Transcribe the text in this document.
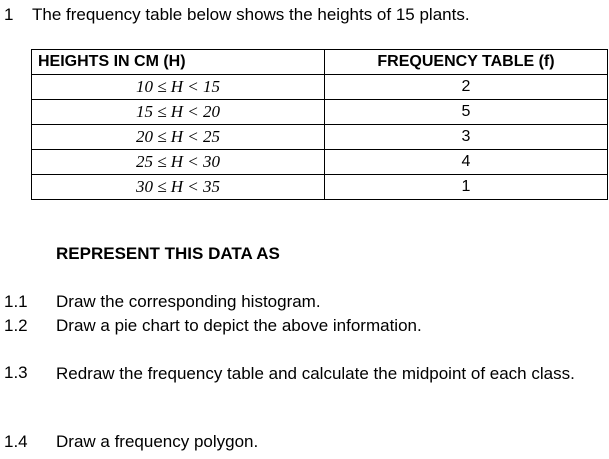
1 The frequency table below shows the heights of 15 plants.
HEIGHTS IN CM (H)	FREQUENCY TABLE (f)
10 ≤ H < 15	2
15 ≤ H < 20	5
20 ≤ H < 25	3
25 ≤ H < 30	4
30 ≤ H < 35	1
REPRESENT THIS DATA AS
1.1 Draw the corresponding histogram.
1.2 Draw a pie chart to depict the above information.
1.3 Redraw the frequency table and calculate the midpoint of each class.
1.4 Draw a frequency polygon.
